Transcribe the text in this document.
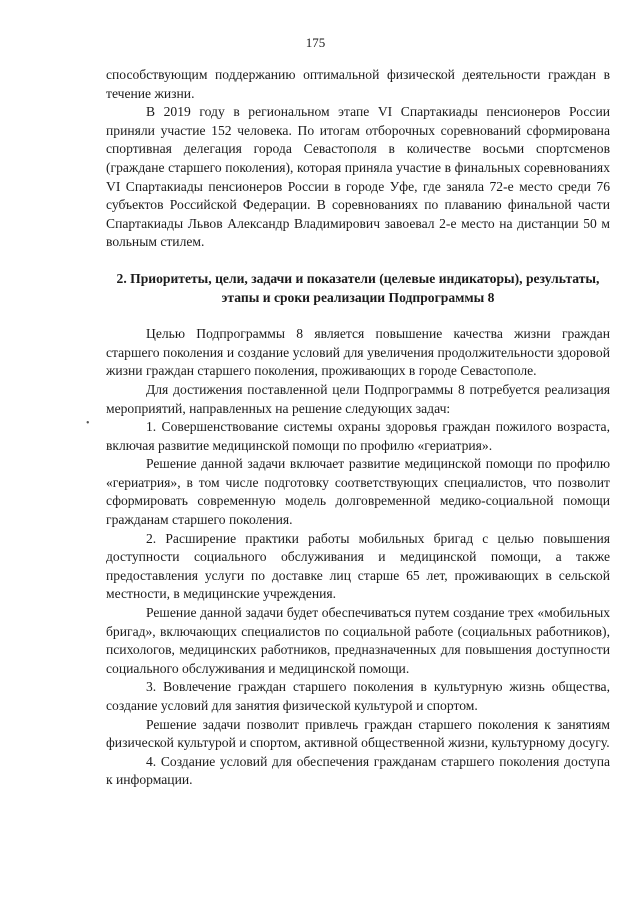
175
•

способствующим поддержанию оптимальной физической деятельности граждан в течение жизни.

В 2019 году в региональном этапе VI Спартакиады пенсионеров России приняли участие 152 человека. По итогам отборочных соревнований сформирована спортивная делегация города Севастополя в количестве восьми спортсменов (граждане старшего поколения), которая приняла участие в финальных соревнованиях VI Спартакиады пенсионеров России в городе Уфе, где заняла 72-е место среди 76 субъектов Российской Федерации. В соревнованиях по плаванию финальной части Спартакиады Львов Александр Владимирович завоевал 2-е место на дистанции 50 м вольным стилем.

2. Приоритеты, цели, задачи и показатели (целевые индикаторы), результаты, этапы и сроки реализации Подпрограммы 8

Целью Подпрограммы 8 является повышение качества жизни граждан старшего поколения и создание условий для увеличения продолжительности здоровой жизни граждан старшего поколения, проживающих в городе Севастополе.

Для достижения поставленной цели Подпрограммы 8 потребуется реализация мероприятий, направленных на решение следующих задач:

1. Совершенствование системы охраны здоровья граждан пожилого возраста, включая развитие медицинской помощи по профилю «гериатрия».

Решение данной задачи включает развитие медицинской помощи по профилю «гериатрия», в том числе подготовку соответствующих специалистов, что позволит сформировать современную модель долговременной медико-социальной помощи гражданам старшего поколения.

2. Расширение практики работы мобильных бригад с целью повышения доступности социального обслуживания и медицинской помощи, а также предоставления услуги по доставке лиц старше 65 лет, проживающих в сельской местности, в медицинские учреждения.

Решение данной задачи будет обеспечиваться путем создание трех «мобильных бригад», включающих специалистов по социальной работе (социальных работников), психологов, медицинских работников, предназначенных для повышения доступности социального обслуживания и медицинской помощи.

3. Вовлечение граждан старшего поколения в культурную жизнь общества, создание условий для занятия физической культурой и спортом.

Решение задачи позволит привлечь граждан старшего поколения к занятиям физической культурой и спортом, активной общественной жизни, культурному досугу.

4. Создание условий для обеспечения гражданам старшего поколения доступа к информации.
